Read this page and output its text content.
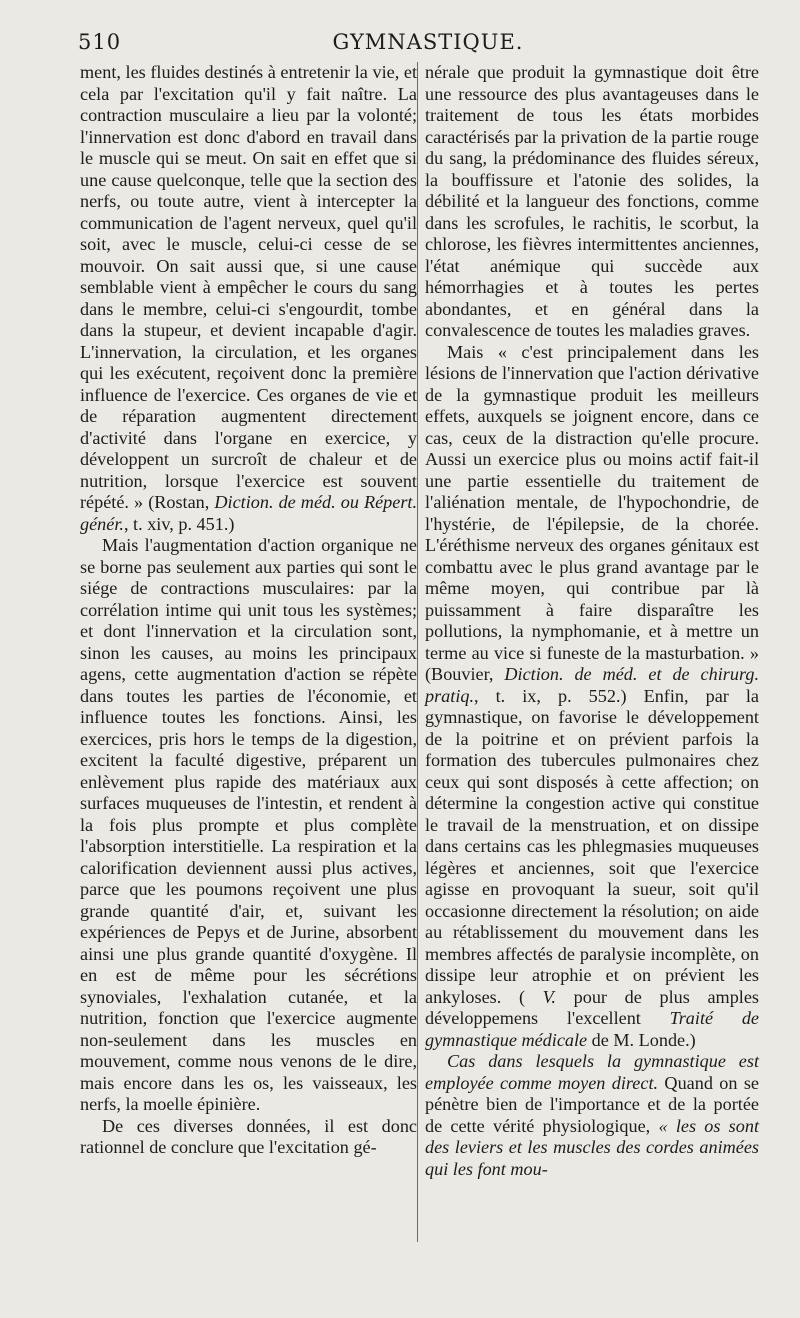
510	GYMNASTIQUE.

ment, les fluides destinés à entretenir la vie, et cela par l'excitation qu'il y fait naître. La contraction musculaire a lieu par la volonté; l'innervation est donc d'abord en travail dans le muscle qui se meut. On sait en effet que si une cause quelconque, telle que la section des nerfs, ou toute autre, vient à intercepter la communication de l'agent nerveux, quel qu'il soit, avec le muscle, celui-ci cesse de se mouvoir. On sait aussi que, si une cause semblable vient à empêcher le cours du sang dans le membre, celui-ci s'engourdit, tombe dans la stupeur, et devient incapable d'agir. L'innervation, la circulation, et les organes qui les exécutent, reçoivent donc la première influence de l'exercice. Ces organes de vie et de réparation augmentent directement d'activité dans l'organe en exercice, y développent un surcroît de chaleur et de nutrition, lorsque l'exercice est souvent répété. » (Rostan, Diction. de méd. ou Répert. génér., t. xiv, p. 451.)

Mais l'augmentation d'action organique ne se borne pas seulement aux parties qui sont le siége de contractions musculaires: par la corrélation intime qui unit tous les systèmes; et dont l'innervation et la circulation sont, sinon les causes, au moins les principaux agens, cette augmentation d'action se répète dans toutes les parties de l'économie, et influence toutes les fonctions. Ainsi, les exercices, pris hors le temps de la digestion, excitent la faculté digestive, préparent un enlèvement plus rapide des matériaux aux surfaces muqueuses de l'intestin, et rendent à la fois plus prompte et plus complète l'absorption interstitielle. La respiration et la calorification deviennent aussi plus actives, parce que les poumons reçoivent une plus grande quantité d'air, et, suivant les expériences de Pepys et de Jurine, absorbent ainsi une plus grande quantité d'oxygène. Il en est de même pour les sécrétions synoviales, l'exhalation cutanée, et la nutrition, fonction que l'exercice augmente non-seulement dans les muscles en mouvement, comme nous venons de le dire, mais encore dans les os, les vaisseaux, les nerfs, la moelle épinière.

De ces diverses données, il est donc rationnel de conclure que l'excitation gé-

nérale que produit la gymnastique doit être une ressource des plus avantageuses dans le traitement de tous les états morbides caractérisés par la privation de la partie rouge du sang, la prédominance des fluides séreux, la bouffissure et l'atonie des solides, la débilité et la langueur des fonctions, comme dans les scrofules, le rachitis, le scorbut, la chlorose, les fièvres intermittentes anciennes, l'état anémique qui succède aux hémorrhagies et à toutes les pertes abondantes, et en général dans la convalescence de toutes les maladies graves.

Mais « c'est principalement dans les lésions de l'innervation que l'action dérivative de la gymnastique produit les meilleurs effets, auxquels se joignent encore, dans ce cas, ceux de la distraction qu'elle procure. Aussi un exercice plus ou moins actif fait-il une partie essentielle du traitement de l'aliénation mentale, de l'hypochondrie, de l'hystérie, de l'épilepsie, de la chorée. L'éréthisme nerveux des organes génitaux est combattu avec le plus grand avantage par le même moyen, qui contribue par là puissamment à faire disparaître les pollutions, la nymphomanie, et à mettre un terme au vice si funeste de la masturbation. » (Bouvier, Diction. de méd. et de chirurg. pratiq., t. ix, p. 552.) Enfin, par la gymnastique, on favorise le développement de la poitrine et on prévient parfois la formation des tubercules pulmonaires chez ceux qui sont disposés à cette affection; on détermine la congestion active qui constitue le travail de la menstruation, et on dissipe dans certains cas les phlegmasies muqueuses légères et anciennes, soit que l'exercice agisse en provoquant la sueur, soit qu'il occasionne directement la résolution; on aide au rétablissement du mouvement dans les membres affectés de paralysie incomplète, on dissipe leur atrophie et on prévient les ankyloses. ( V. pour de plus amples développemens l'excellent Traité de gymnastique médicale de M. Londe.)

Cas dans lesquels la gymnastique est employée comme moyen direct. Quand on se pénètre bien de l'importance et de la portée de cette vérité physiologique, « les os sont des leviers et les muscles des cordes animées qui les font mou-
